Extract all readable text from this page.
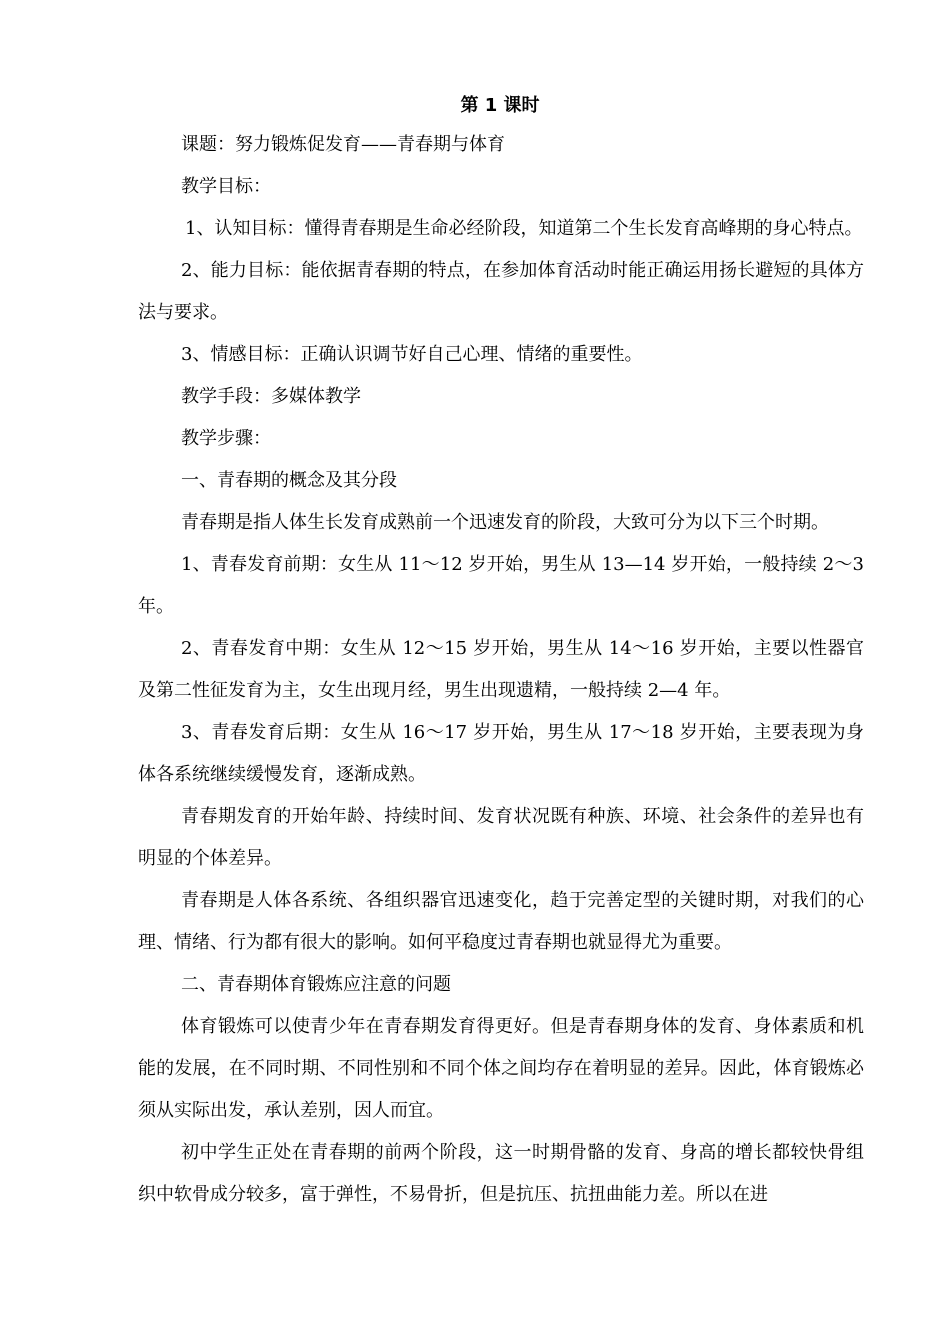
第 1 课时

课题：努力锻炼促发育——青春期与体育

教学目标：

1、认知目标：懂得青春期是生命必经阶段，知道第二个生长发育高峰期的身心特点。

2、能力目标：能依据青春期的特点，在参加体育活动时能正确运用扬长避短的具体方法与要求。

3、情感目标：正确认识调节好自己心理、情绪的重要性。

教学手段：多媒体教学

教学步骤：

一、青春期的概念及其分段

青春期是指人体生长发育成熟前一个迅速发育的阶段，大致可分为以下三个时期。

1、青春发育前期：女生从 11～12 岁开始，男生从 13—14 岁开始，一般持续 2～3 年。

2、青春发育中期：女生从 12～15 岁开始，男生从 14～16 岁开始，主要以性器官及第二性征发育为主，女生出现月经，男生出现遗精，一般持续 2—4 年。

3、青春发育后期：女生从 16～17 岁开始，男生从 17～18 岁开始，主要表现为身体各系统继续缓慢发育，逐渐成熟。

青春期发育的开始年龄、持续时间、发育状况既有种族、环境、社会条件的差异也有明显的个体差异。

青春期是人体各系统、各组织器官迅速变化，趋于完善定型的关键时期，对我们的心理、情绪、行为都有很大的影响。如何平稳度过青春期也就显得尤为重要。

二、青春期体育锻炼应注意的问题

体育锻炼可以使青少年在青春期发育得更好。但是青春期身体的发育、身体素质和机能的发展，在不同时期、不同性别和不同个体之间均存在着明显的差异。因此，体育锻炼必须从实际出发，承认差别，因人而宜。

初中学生正处在青春期的前两个阶段，这一时期骨骼的发育、身高的增长都较快骨组织中软骨成分较多，富于弹性，不易骨折，但是抗压、抗扭曲能力差。所以在进
